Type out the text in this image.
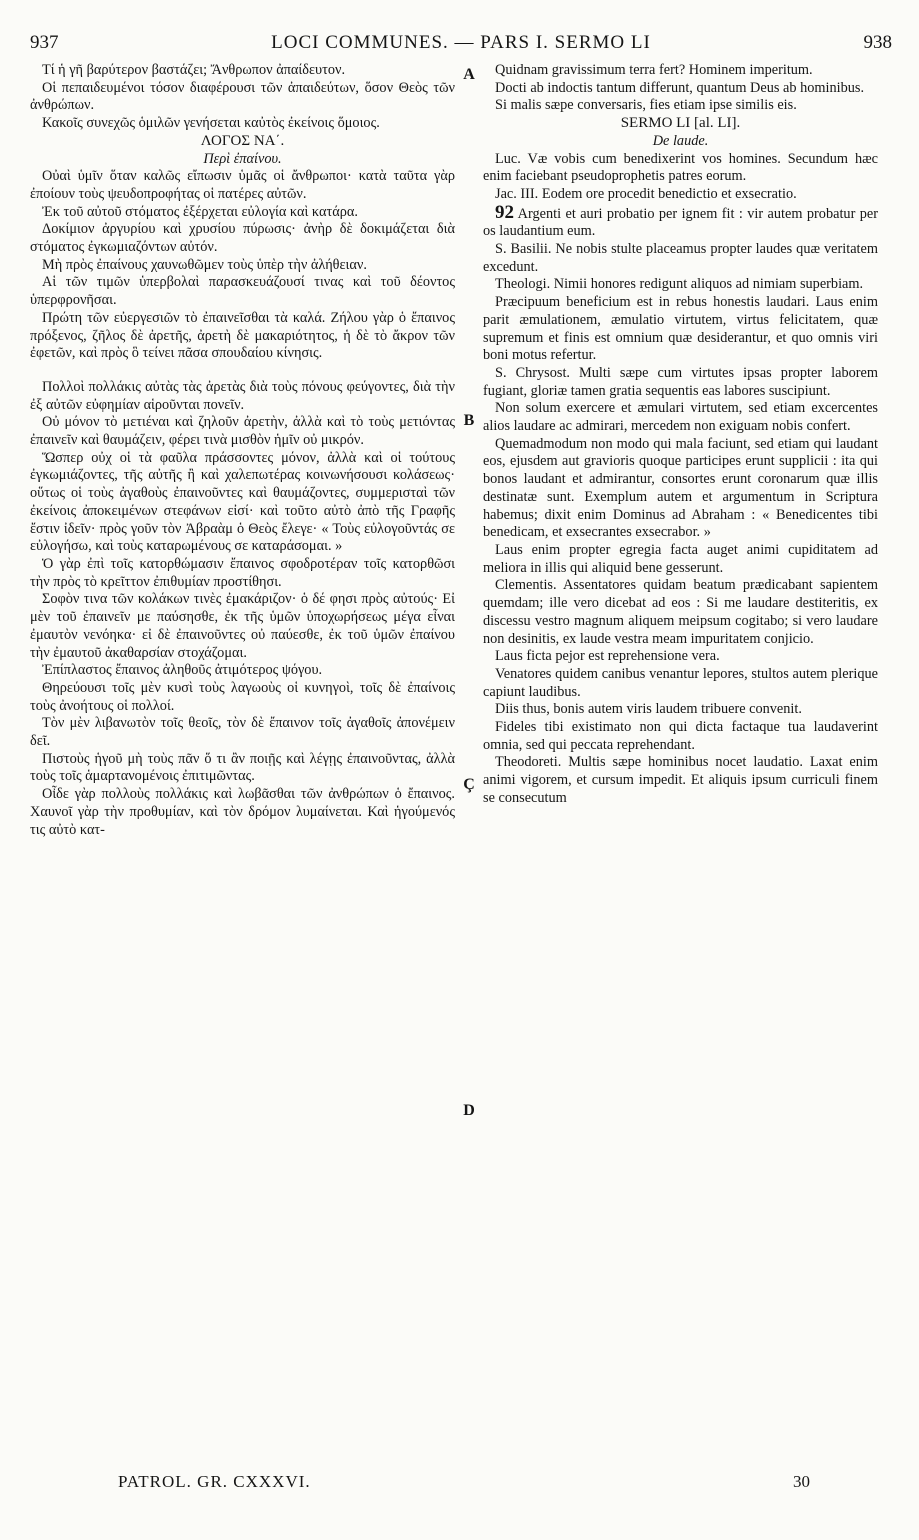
937	LOCI COMMUNES. — PARS I. SERMO LI	938

Τί ἡ γῆ βαρύτερον βαστάζει; Ἄνθρωπον ἀπαίδευτον.

Οἱ πεπαιδευμένοι τόσον διαφέρουσι τῶν ἀπαιδεύτων, ὅσον Θεὸς τῶν ἀνθρώπων.

Κακοῖς συνεχῶς ὁμιλῶν γενήσεται καὐτὸς ἐκείνοις ὅμοιος.

ΛΟΓΟΣ ΝΑ΄.

Περὶ ἐπαίνου.

Οὐαὶ ὑμῖν ὅταν καλῶς εἴπωσιν ὑμᾶς οἱ ἄνθρωποι· κατὰ ταῦτα γὰρ ἐποίουν τοὺς ψευδοπροφήτας οἱ πατέρες αὐτῶν.

Ἐκ τοῦ αὐτοῦ στόματος ἐξέρχεται εὐλογία καὶ κατάρα.

Δοκίμιον ἀργυρίου καὶ χρυσίου πύρωσις· ἀνὴρ δὲ δοκιμάζεται διὰ στόματος ἐγκωμιαζόντων αὐτόν.

Μὴ πρὸς ἐπαίνους χαυνωθῶμεν τοὺς ὑπὲρ τὴν ἀλήθειαν.

Αἱ τῶν τιμῶν ὑπερβολαὶ παρασκευάζουσί τινας καὶ τοῦ δέοντος ὑπερφρονῆσαι.

Πρώτη τῶν εὐεργεσιῶν τὸ ἐπαινεῖσθαι τὰ καλά. Ζήλου γὰρ ὁ ἔπαινος πρόξενος, ζῆλος δὲ ἀρετῆς, ἀρετὴ δὲ μακαριότητος, ἡ δὲ τὸ ἄκρον τῶν ἐφετῶν, καὶ πρὸς ὃ τείνει πᾶσα σπουδαίου κίνησις.

Πολλοὶ πολλάκις αὐτὰς τὰς ἀρετὰς διὰ τοὺς πόνους φεύγοντες, διὰ τὴν ἐξ αὐτῶν εὐφημίαν αἱροῦνται πονεῖν.

Οὐ μόνον τὸ μετιέναι καὶ ζηλοῦν ἀρετὴν, ἀλλὰ καὶ τὸ τοὺς μετιόντας ἐπαινεῖν καὶ θαυμάζειν, φέρει τινὰ μισθὸν ἡμῖν οὐ μικρόν.

Ὥσπερ οὐχ οἱ τὰ φαῦλα πράσσοντες μόνον, ἀλλὰ καὶ οἱ τούτους ἐγκωμιάζοντες, τῆς αὐτῆς ἢ καὶ χαλεπωτέρας κοινωνήσουσι κολάσεως· οὕτως οἱ τοὺς ἀγαθοὺς ἐπαινοῦντες καὶ θαυμάζοντες, συμμερισταὶ τῶν ἐκείνοις ἀποκειμένων στεφάνων εἰσί· καὶ τοῦτο αὐτὸ ἀπὸ τῆς Γραφῆς ἔστιν ἰδεῖν· πρὸς γοῦν τὸν Ἀβραὰμ ὁ Θεὸς ἔλεγε· « Τοὺς εὐλογοῦντάς σε εὐλογήσω, καὶ τοὺς καταρωμένους σε καταράσομαι. »

Ὁ γὰρ ἐπὶ τοῖς κατορθώμασιν ἔπαινος σφοδροτέραν τοῖς κατορθῶσι τὴν πρὸς τὸ κρεῖττον ἐπιθυμίαν προστίθησι.

Σοφὸν τινα τῶν κολάκων τινὲς ἐμακάριζον· ὁ δέ φησι πρὸς αὐτούς· Εἰ μὲν τοῦ ἐπαινεῖν με παύσησθε, ἐκ τῆς ὑμῶν ὑποχωρήσεως μέγα εἶναι ἐμαυτὸν νενόηκα· εἰ δὲ ἐπαινοῦντες οὐ παύεσθε, ἐκ τοῦ ὑμῶν ἐπαίνου τὴν ἐμαυτοῦ ἀκαθαρσίαν στοχάζομαι.

Ἐπίπλαστος ἔπαινος ἀληθοῦς ἀτιμότερος ψόγου.

Θηρεύουσι τοῖς μὲν κυσὶ τοὺς λαγωοὺς οἱ κυνηγοὶ, τοῖς δὲ ἐπαίνοις τοὺς ἀνοήτους οἱ πολλοί.

Τὸν μὲν λιβανωτὸν τοῖς θεοῖς, τὸν δὲ ἔπαινον τοῖς ἀγαθοῖς ἀπονέμειν δεῖ.

Πιστοὺς ἡγοῦ μὴ τοὺς πᾶν ὅ τι ἂν ποιῇς καὶ λέγῃς ἐπαινοῦντας, ἀλλὰ τοὺς τοῖς ἁμαρτανομένοις ἐπιτιμῶντας.

Οἶδε γὰρ πολλοὺς πολλάκις καὶ λωβᾶσθαι τῶν ἀνθρώπων ὁ ἔπαινος. Χαυνοῖ γὰρ τὴν προθυμίαν, καὶ τὸν δρόμον λυμαίνεται. Καὶ ἡγούμενός τις αὐτὸ κατ-

A
B
Ç
D

Quidnam gravissimum terra fert? Hominem imperitum.

Docti ab indoctis tantum differunt, quantum Deus ab hominibus.

Si malis sæpe conversaris, fies etiam ipse similis eis.

SERMO LI [al. LI].

De laude.

Luc. Væ vobis cum benedixerint vos homines. Secundum hæc enim faciebant pseudoprophetis patres eorum.

Jac. III. Eodem ore procedit benedictio et exsecratio.

92 Argenti et auri probatio per ignem fit : vir autem probatur per os laudantium eum.

S. Basilii. Ne nobis stulte placeamus propter laudes quæ veritatem excedunt.

Theologi. Nimii honores redigunt aliquos ad nimiam superbiam.

Præcipuum beneficium est in rebus honestis laudari. Laus enim parit æmulationem, æmulatio virtutem, virtus felicitatem, quæ supremum et finis est omnium quæ desiderantur, et quo omnis viri boni motus refertur.

S. Chrysost. Multi sæpe cum virtutes ipsas propter laborem fugiant, gloriæ tamen gratia sequentis eas labores suscipiunt.

Non solum exercere et æmulari virtutem, sed etiam excercentes alios laudare ac admirari, mercedem non exiguam nobis confert.

Quemadmodum non modo qui mala faciunt, sed etiam qui laudant eos, ejusdem aut gravioris quoque participes erunt supplicii : ita qui bonos laudant et admirantur, consortes erunt coronarum quæ illis destinatæ sunt. Exemplum autem et argumentum in Scriptura habemus; dixit enim Dominus ad Abraham : « Benedicentes tibi benedicam, et exsecrantes exsecrabor. »

Laus enim propter egregia facta auget animi cupiditatem ad meliora in illis qui aliquid bene gesserunt.

Clementis. Assentatores quidam beatum prædicabant sapientem quemdam; ille vero dicebat ad eos : Si me laudare destiteritis, ex discessu vestro magnum aliquem meipsum cogitabo; si vero laudare non desinitis, ex laude vestra meam impuritatem conjicio.

Laus ficta pejor est reprehensione vera.

Venatores quidem canibus venantur lepores, stultos autem plerique capiunt laudibus.

Diis thus, bonis autem viris laudem tribuere convenit.

Fideles tibi existimato non qui dicta factaque tua laudaverint omnia, sed qui peccata reprehendant.

Theodoreti. Multis sæpe hominibus nocet laudatio. Laxat enim animi vigorem, et cursum impedit. Et aliquis ipsum curriculi finem se consecutum

PATROL. GR. CXXXVI.	30
